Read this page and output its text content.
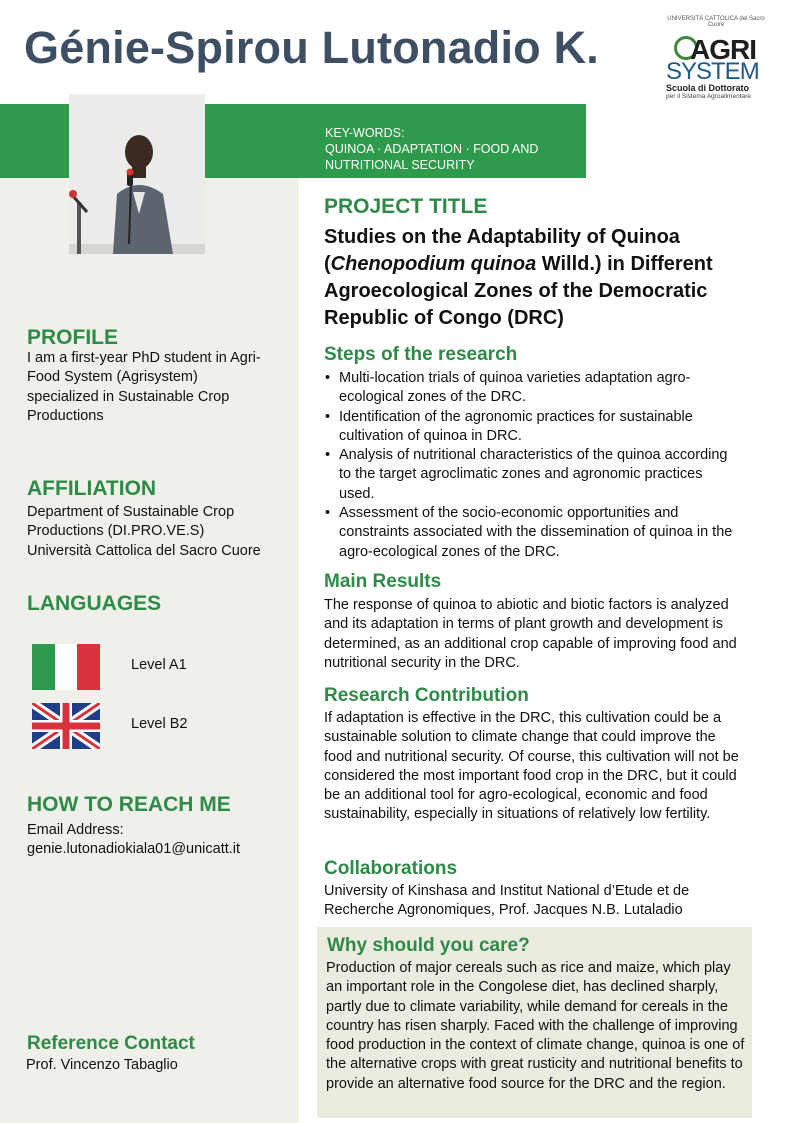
Génie-Spirou Lutonadio K.
UNIVERSITÀ CATTOLICA del Sacro Cuore
AGRI
SYSTEM
Scuola di Dottorato
per il Sistema Agroalimentare
KEY-WORDS:
QUINOA · ADAPTATION · FOOD AND
NUTRITIONAL SECURITY
PROFILE
I am a first-year PhD student in Agri-Food System (Agrisystem) specialized in Sustainable Crop Productions
AFFILIATION
Department of Sustainable Crop
Productions (DI.PRO.VE.S)
Università Cattolica del Sacro Cuore
LANGUAGES
Level A1
Level B2
HOW TO REACH ME
Email Address:
genie.lutonadiokiala01@unicatt.it
Reference Contact
Prof. Vincenzo Tabaglio
PROJECT TITLE
Studies on the Adaptability of Quinoa (Chenopodium quinoa Willd.) in Different Agroecological Zones of the Democratic Republic of Congo (DRC)
Steps of the research
• Multi-location trials of quinoa varieties adaptation agro-ecological zones of the DRC.
• Identification of the agronomic practices for sustainable cultivation of quinoa in DRC.
• Analysis of nutritional characteristics of the quinoa according to the target agroclimatic zones and agronomic practices used.
• Assessment of the socio-economic opportunities and constraints associated with the dissemination of quinoa in the agro-ecological zones of the DRC.
Main Results
The response of quinoa to abiotic and biotic factors is analyzed and its adaptation in terms of plant growth and development is determined, as an additional crop capable of improving food and nutritional security in the DRC.
Research Contribution
If adaptation is effective in the DRC, this cultivation could be a sustainable solution to climate change that could improve the food and nutritional security. Of course, this cultivation will not be considered the most important food crop in the DRC, but it could be an additional tool for agro-ecological, economic and food sustainability, especially in situations of relatively low fertility.
Collaborations
University of Kinshasa and Institut National d’Etude et de
Recherche Agronomiques, Prof. Jacques N.B. Lutaladio
Why should you care?
Production of major cereals such as rice and maize, which play an important role in the Congolese diet, has declined sharply, partly due to climate variability, while demand for cereals in the country has risen sharply. Faced with the challenge of improving food production in the context of climate change, quinoa is one of the alternative crops with great rusticity and nutritional benefits to provide an alternative food source for the DRC and the region.
